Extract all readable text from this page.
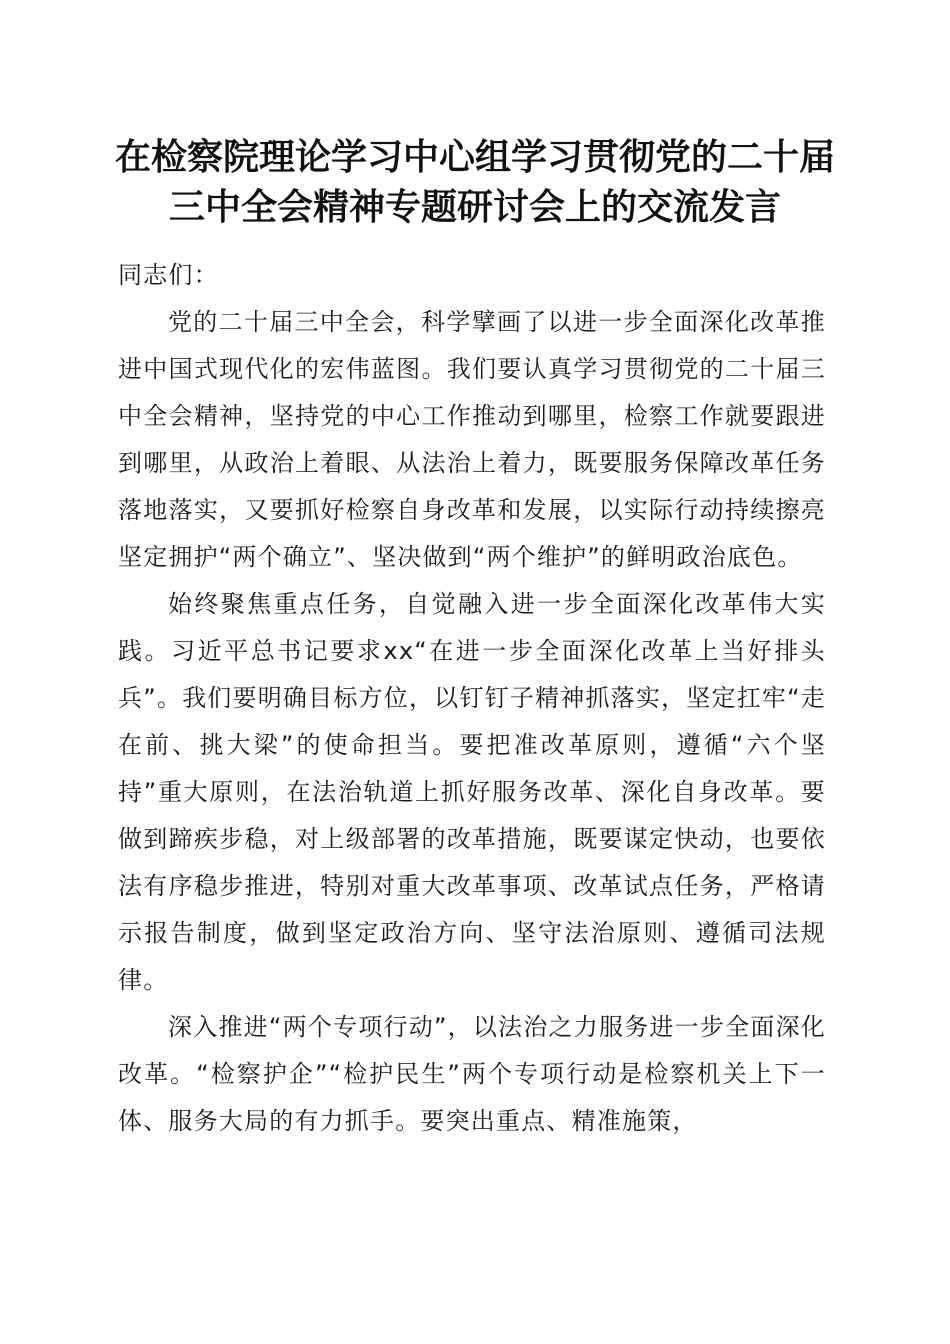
在检察院理论学习中心组学习贯彻党的二十届
三中全会精神专题研讨会上的交流发言

同志们：

党的二十届三中全会，科学擘画了以进一步全面深化改革推进中国式现代化的宏伟蓝图。我们要认真学习贯彻党的二十届三中全会精神，坚持党的中心工作推动到哪里，检察工作就要跟进到哪里，从政治上着眼、从法治上着力，既要服务保障改革任务落地落实，又要抓好检察自身改革和发展，以实际行动持续擦亮坚定拥护“两个确立”、坚决做到“两个维护”的鲜明政治底色。

始终聚焦重点任务，自觉融入进一步全面深化改革伟大实践。习近平总书记要求xx“在进一步全面深化改革上当好排头兵”。我们要明确目标方位，以钉钉子精神抓落实，坚定扛牢“走在前、挑大梁”的使命担当。要把准改革原则，遵循“六个坚持”重大原则，在法治轨道上抓好服务改革、深化自身改革。要做到蹄疾步稳，对上级部署的改革措施，既要谋定快动，也要依法有序稳步推进，特别对重大改革事项、改革试点任务，严格请示报告制度，做到坚定政治方向、坚守法治原则、遵循司法规律。

深入推进“两个专项行动”，以法治之力服务进一步全面深化改革。“检察护企”“检护民生”两个专项行动是检察机关上下一体、服务大局的有力抓手。要突出重点、精准施策，
